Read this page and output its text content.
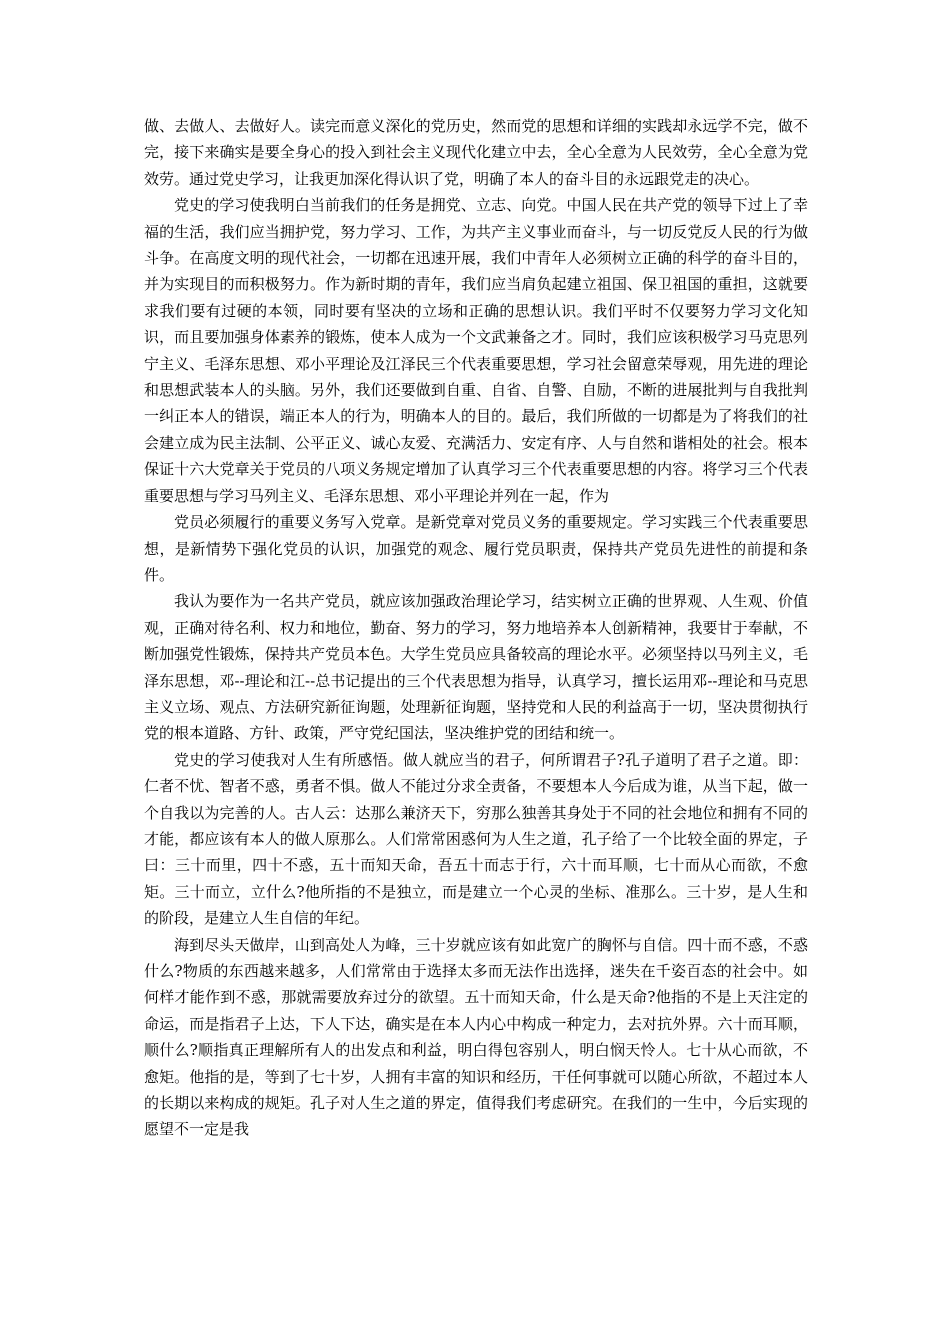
做、去做人、去做好人。读完而意义深化的党历史，然而党的思想和详细的实践却永远学不完，做不完，接下来确实是要全身心的投入到社会主义现代化建立中去，全心全意为人民效劳，全心全意为党效劳。通过党史学习，让我更加深化得认识了党，明确了本人的奋斗目的永远跟党走的决心。

党史的学习使我明白当前我们的任务是拥党、立志、向党。中国人民在共产党的领导下过上了幸福的生活，我们应当拥护党，努力学习、工作，为共产主义事业而奋斗，与一切反党反人民的行为做斗争。在高度文明的现代社会，一切都在迅速开展，我们中青年人必须树立正确的科学的奋斗目的，并为实现目的而积极努力。作为新时期的青年，我们应当肩负起建立祖国、保卫祖国的重担，这就要求我们要有过硬的本领，同时要有坚决的立场和正确的思想认识。我们平时不仅要努力学习文化知识，而且要加强身体素养的锻炼，使本人成为一个文武兼备之才。同时，我们应该积极学习马克思列宁主义、毛泽东思想、邓小平理论及江泽民三个代表重要思想，学习社会留意荣辱观，用先进的理论和思想武装本人的头脑。另外，我们还要做到自重、自省、自警、自励，不断的进展批判与自我批判一纠正本人的错误，端正本人的行为，明确本人的目的。最后，我们所做的一切都是为了将我们的社会建立成为民主法制、公平正义、诚心友爱、充满活力、安定有序、人与自然和谐相处的社会。根本保证十六大党章关于党员的八项义务规定增加了认真学习三个代表重要思想的内容。将学习三个代表重要思想与学习马列主义、毛泽东思想、邓小平理论并列在一起，作为

党员必须履行的重要义务写入党章。是新党章对党员义务的重要规定。学习实践三个代表重要思想，是新情势下强化党员的认识，加强党的观念、履行党员职责，保持共产党员先进性的前提和条件。

我认为要作为一名共产党员，就应该加强政治理论学习，结实树立正确的世界观、人生观、价值观，正确对待名利、权力和地位，勤奋、努力的学习，努力地培养本人创新精神，我要甘于奉献，不断加强党性锻炼，保持共产党员本色。大学生党员应具备较高的理论水平。必须坚持以马列主义，毛泽东思想，邓--理论和江--总书记提出的三个代表思想为指导，认真学习，擅长运用邓--理论和马克思主义立场、观点、方法研究新征询题，处理新征询题，坚持党和人民的利益高于一切，坚决贯彻执行党的根本道路、方针、政策，严守党纪国法，坚决维护党的团结和统一。

党史的学习使我对人生有所感悟。做人就应当的君子，何所谓君子?孔子道明了君子之道。即：仁者不忧、智者不惑，勇者不惧。做人不能过分求全责备，不要想本人今后成为谁，从当下起，做一个自我以为完善的人。古人云：达那么兼济天下，穷那么独善其身处于不同的社会地位和拥有不同的才能，都应该有本人的做人原那么。人们常常困惑何为人生之道，孔子给了一个比较全面的界定，子曰：三十而里，四十不惑，五十而知天命，吾五十而志于行，六十而耳顺，七十而从心而欲，不愈矩。三十而立，立什么?他所指的不是独立，而是建立一个心灵的坐标、准那么。三十岁，是人生和的阶段，是建立人生自信的年纪。

海到尽头天做岸，山到高处人为峰，三十岁就应该有如此宽广的胸怀与自信。四十而不惑，不惑什么?物质的东西越来越多，人们常常由于选择太多而无法作出选择，迷失在千姿百态的社会中。如何样才能作到不惑，那就需要放弃过分的欲望。五十而知天命，什么是天命?他指的不是上天注定的命运，而是指君子上达，下人下达，确实是在本人内心中构成一种定力，去对抗外界。六十而耳顺，顺什么?顺指真正理解所有人的出发点和利益，明白得包容别人，明白悯天怜人。七十从心而欲，不愈矩。他指的是，等到了七十岁，人拥有丰富的知识和经历，干任何事就可以随心所欲，不超过本人的长期以来构成的规矩。孔子对人生之道的界定，值得我们考虑研究。在我们的一生中，今后实现的愿望不一定是我
